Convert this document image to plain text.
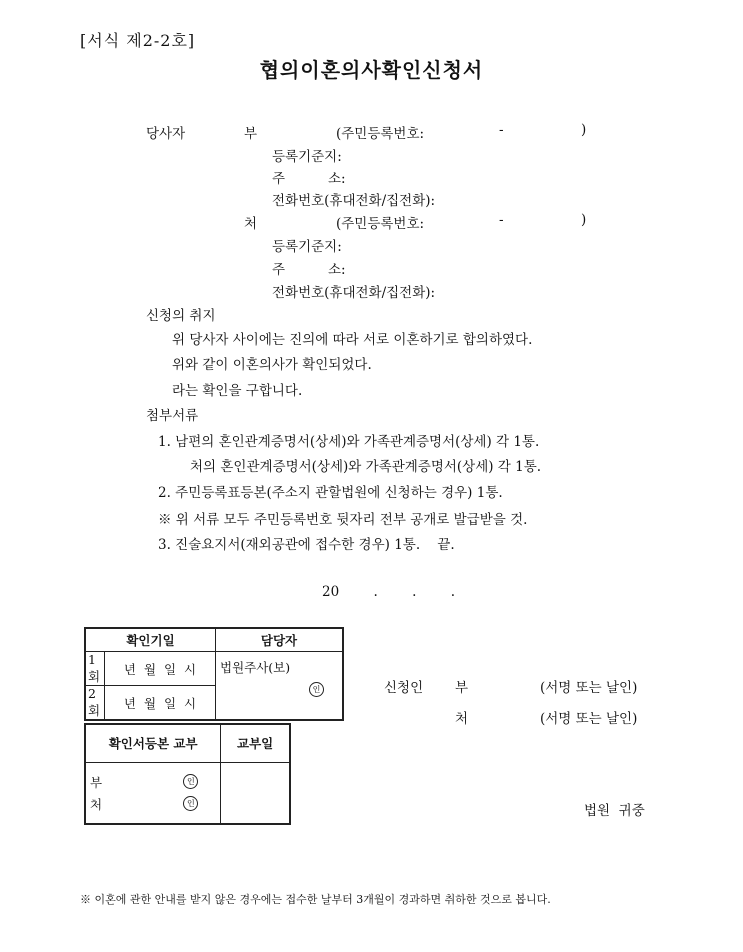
[서식 제2-2호]
협의이혼의사확인신청서
당사자	부	(주민등록번호:	-	)
등록기준지:
주          소:
전화번호(휴대전화/집전화):
처	(주민등록번호:	-	)
등록기준지:
주          소:
전화번호(휴대전화/집전화):
신청의 취지
위 당사자 사이에는 진의에 따라 서로 이혼하기로 합의하였다.
위와 같이 이혼의사가 확인되었다.
라는 확인을 구합니다.
첨부서류
1. 남편의 혼인관계증명서(상세)와 가족관계증명서(상세) 각 1통.
처의 혼인관계증명서(상세)와 가족관계증명서(상세) 각 1통.
2. 주민등록표등본(주소지 관할법원에 신청하는 경우) 1통.
※ 위 서류 모두 주민등록번호 뒷자리 전부 공개로 발급받을 것.
3. 진술요지서(재외공관에 접수한 경우) 1통.    끝.
20        .        .        .
확인기일		담당자
1회	년  월  일  시	법원주사(보)
인

2회	년  월  일  시	
확인서등본 교부	교부일

부 인
처 인	

신청인 부	(서명 또는 날인)
처	(서명 또는 날인)
법원  귀중
※ 이혼에 관한 안내를 받지 않은 경우에는 접수한 날부터 3개월이 경과하면 취하한 것으로 봅니다.
